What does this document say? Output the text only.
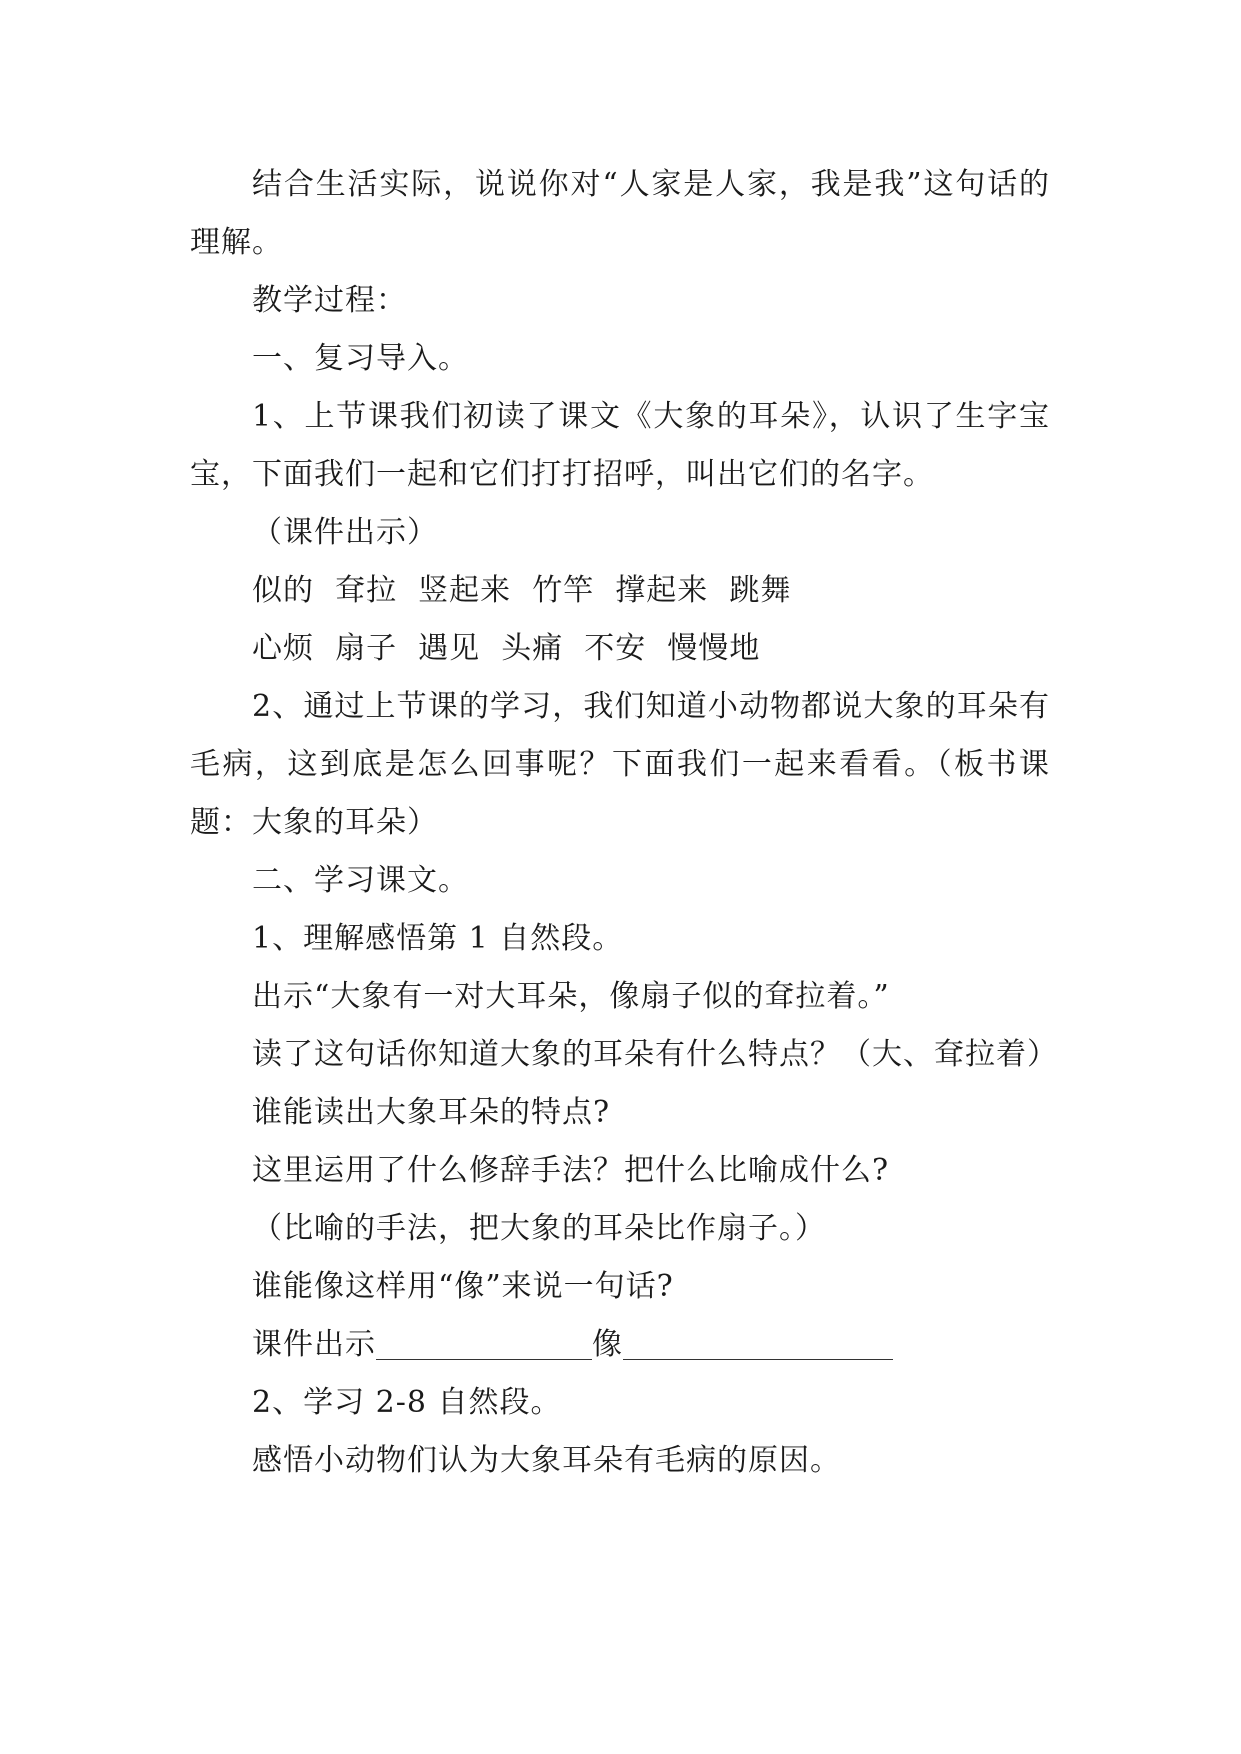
结合生活实际，说说你对“人家是人家，我是我”这句话的理解。

教学过程：

一、复习导入。

1、上节课我们初读了课文《大象的耳朵》，认识了生字宝宝，下面我们一起和它们打打招呼，叫出它们的名字。

（课件出示）

似的  耷拉  竖起来  竹竿  撑起来  跳舞

心烦  扇子  遇见  头痛  不安  慢慢地

2、通过上节课的学习，我们知道小动物都说大象的耳朵有毛病，这到底是怎么回事呢？下面我们一起来看看。（板书课题：大象的耳朵）

二、学习课文。

1、理解感悟第 1 自然段。

出示“大象有一对大耳朵，像扇子似的耷拉着。”

读了这句话你知道大象的耳朵有什么特点？（大、耷拉着）

谁能读出大象耳朵的特点?

这里运用了什么修辞手法？把什么比喻成什么?

（比喻的手法，把大象的耳朵比作扇子。）

谁能像这样用“像”来说一句话?

课件出示	像

2、学习 2-8 自然段。

感悟小动物们认为大象耳朵有毛病的原因。
